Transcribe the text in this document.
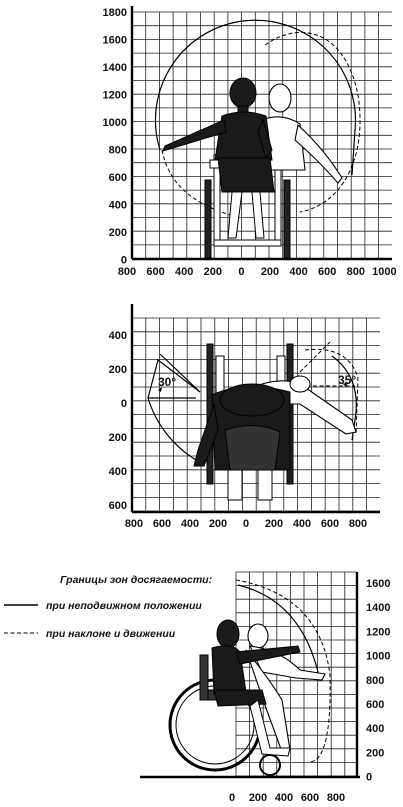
1800
1600
1400
1200
1000
800
600
400
200
0
800 600 400 200 0 200 400 600 800 1000
30°	35°
400
200
0
200
400
600
800 600 400 200 0 200 400 600 800
1600
1400
1200
1000
800
600
400
200
0
0 200 400 600 800
Границы зон досягаемости:
при неподвижном положении
при наклоне и движении
